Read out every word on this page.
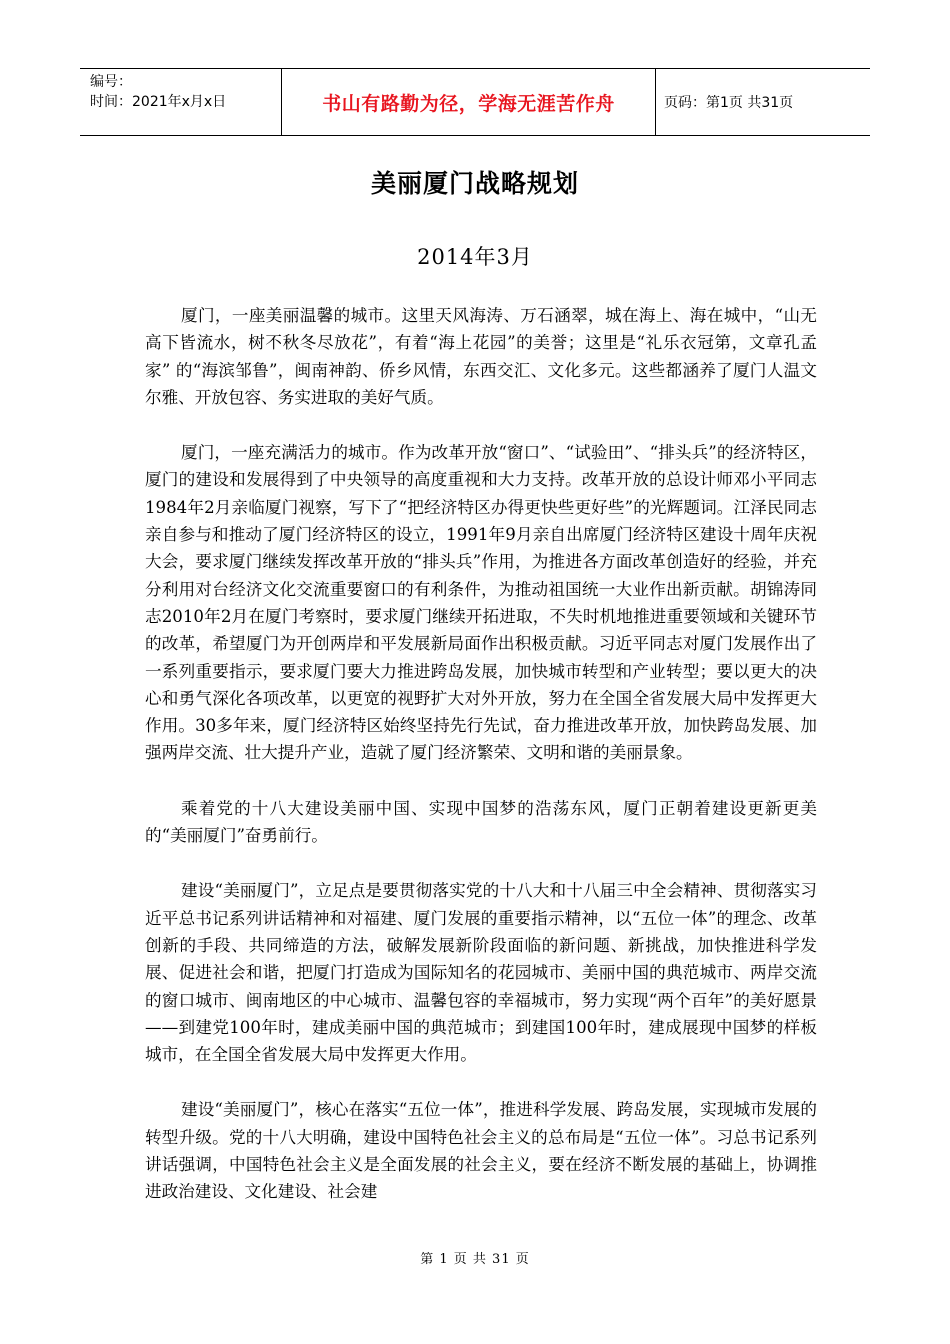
编号：
时间：2021年x月x日	书山有路勤为径，学海无涯苦作舟	页码：第1页 共31页
美丽厦门战略规划
2014年3月

厦门，一座美丽温馨的城市。这里天风海涛、万石涵翠，城在海上、海在城中，“山无高下皆流水，树不秋冬尽放花”，有着“海上花园”的美誉；这里是“礼乐衣冠第，文章孔孟家” 的“海滨邹鲁”，闽南神韵、侨乡风情，东西交汇、文化多元。这些都涵养了厦门人温文尔雅、开放包容、务实进取的美好气质。

厦门，一座充满活力的城市。作为改革开放“窗口”、“试验田”、“排头兵”的经济特区，厦门的建设和发展得到了中央领导的高度重视和大力支持。改革开放的总设计师邓小平同志1984年2月亲临厦门视察，写下了“把经济特区办得更快些更好些”的光辉题词。江泽民同志亲自参与和推动了厦门经济特区的设立，1991年9月亲自出席厦门经济特区建设十周年庆祝大会，要求厦门继续发挥改革开放的“排头兵”作用，为推进各方面改革创造好的经验，并充分利用对台经济文化交流重要窗口的有利条件，为推动祖国统一大业作出新贡献。胡锦涛同志2010年2月在厦门考察时，要求厦门继续开拓进取，不失时机地推进重要领域和关键环节的改革，希望厦门为开创两岸和平发展新局面作出积极贡献。习近平同志对厦门发展作出了一系列重要指示，要求厦门要大力推进跨岛发展，加快城市转型和产业转型；要以更大的决心和勇气深化各项改革，以更宽的视野扩大对外开放，努力在全国全省发展大局中发挥更大作用。30多年来，厦门经济特区始终坚持先行先试，奋力推进改革开放，加快跨岛发展、加强两岸交流、壮大提升产业，造就了厦门经济繁荣、文明和谐的美丽景象。

乘着党的十八大建设美丽中国、实现中国梦的浩荡东风，厦门正朝着建设更新更美的“美丽厦门”奋勇前行。

建设“美丽厦门”，立足点是要贯彻落实党的十八大和十八届三中全会精神、贯彻落实习近平总书记系列讲话精神和对福建、厦门发展的重要指示精神，以“五位一体”的理念、改革创新的手段、共同缔造的方法，破解发展新阶段面临的新问题、新挑战，加快推进科学发展、促进社会和谐，把厦门打造成为国际知名的花园城市、美丽中国的典范城市、两岸交流的窗口城市、闽南地区的中心城市、温馨包容的幸福城市，努力实现“两个百年”的美好愿景——到建党100年时，建成美丽中国的典范城市；到建国100年时，建成展现中国梦的样板城市，在全国全省发展大局中发挥更大作用。

建设“美丽厦门”，核心在落实“五位一体”，推进科学发展、跨岛发展，实现城市发展的转型升级。党的十八大明确，建设中国特色社会主义的总布局是“五位一体”。习总书记系列讲话强调，中国特色社会主义是全面发展的社会主义，要在经济不断发展的基础上，协调推进政治建设、文化建设、社会建

第 1 页 共 31 页
